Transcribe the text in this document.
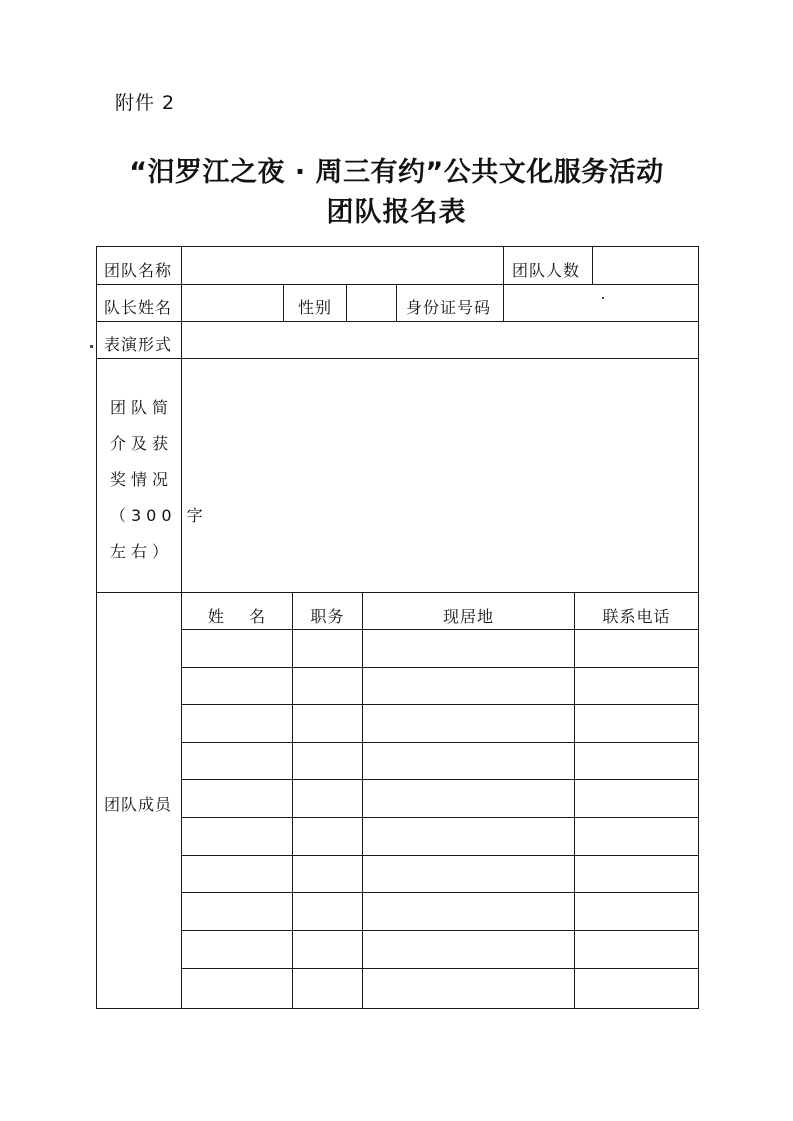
附件 2
“汨罗江之夜 · 周三有约”公共文化服务活动
团队报名表
团队名称	团队人数
队长姓名	性别	身份证号码
表演形式
团队简
介及获
奖情况
（300 字
左右）
团队成员
姓    名	职务	现居地	联系电话
